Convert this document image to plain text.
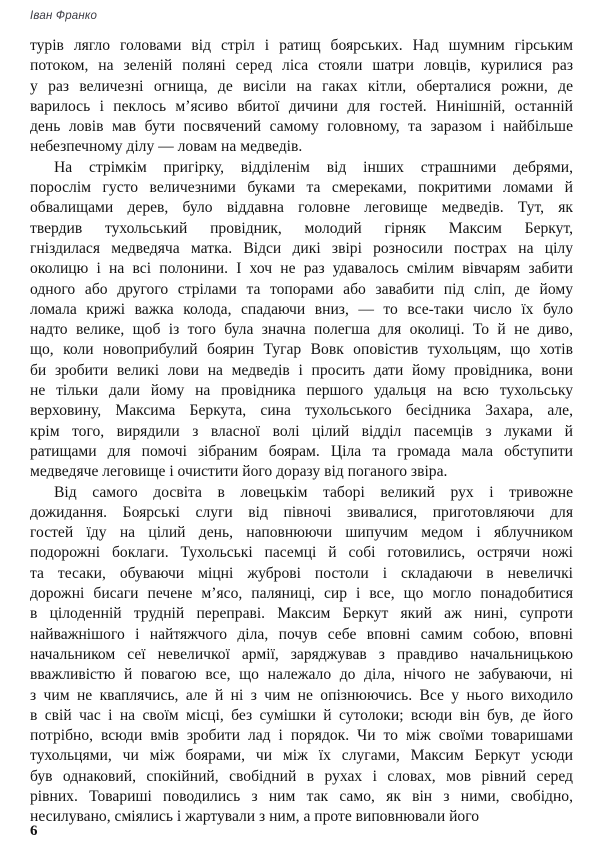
Іван Франко
турів лягло головами від стріл і ратищ боярських. Над шумним гірським
потоком, на зеленій поляні серед ліса стояли шатри ловців, курилися раз
у раз величезні огнища, де висіли на гаках кітли, оберталися рожни, де
варилось і пеклось м’ясиво вбитої дичини для гостей. Нинішній, останній
день ловів мав бути посвячений самому головному, та заразом і найбільше
небезпечному ділу — ловам на медведів.
На стрімкім пригірку, відділенім від інших страшними дебрями,
порослім густо величезними буками та смереками, покритими ломами й
обвалищами дерев, було віддавна головне леговище медведів. Тут, як
твердив тухольський провідник, молодий гірняк Максим Беркут,
гніздилася медведяча матка. Відси дикі звірі розносили пострах на цілу
околицю і на всі полонини. І хоч не раз удавалось смілим вівчарям забити
одного або другого стрілами та топорами або завабити під сліп, де йому
ломала крижі важка колода, спадаючи вниз, — то все-таки число їх було
надто велике, щоб із того була значна полегша для околиці. То й не диво,
що, коли новоприбулий боярин Тугар Вовк оповістив тухольцям, що хотів
би зробити великі лови на медведів і просить дати йому провідника, вони
не тільки дали йому на провідника першого удальця на всю тухольську
верховину, Максима Беркута, сина тухольського бесідника Захара, але,
крім того, вирядили з власної волі цілий відділ пасемців з луками й
ратищами для помочі зібраним боярам. Ціла та громада мала обступити
медведяче леговище і очистити його доразу від поганого звіра.
Від самого досвіта в ловецькім таборі великий рух і тривожне
дожидання. Боярські слуги від півночі звивалися, приготовляючи для
гостей їду на цілий день, наповнюючи шипучим медом і яблучником
подорожні боклаги. Тухольські пасемці й собі готовились, острячи ножі
та тесаки, обуваючи міцні жуброві постоли і складаючи в невеличкі
дорожні бисаги печене м’ясо, паляниці, сир і все, що могло понадобитися
в цілоденній трудній переправі. Максим Беркут який аж нині, супроти
найважнішого і найтяжчого діла, почув себе вповні самим собою, вповні
начальником сеї невеличкої армії, заряджував з правдиво начальницькою
вважливістю й повагою все, що належало до діла, нічого не забуваючи, ні
з чим не кваплячись, але й ні з чим не опізнюючись. Все у нього виходило
в свій час і на своїм місці, без сумішки й сутолоки; всюди він був, де його
потрібно, всюди вмів зробити лад і порядок. Чи то між своїми товаришами
тухольцями, чи між боярами, чи між їх слугами, Максим Беркут усюди
був однаковий, спокійний, свобідний в рухах і словах, мов рівний серед
рівних. Товариші поводились з ним так само, як він з ними, свобідно,
несилувано, сміялись і жартували з ним, а проте виповнювали його
6
